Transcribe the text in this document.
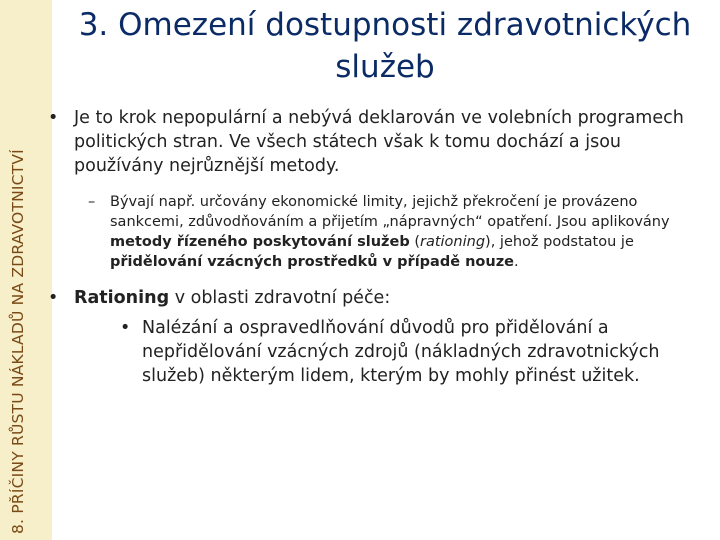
8. PŘÍČINY RŮSTU NÁKLADŮ NA ZDRAVOTNICTVÍ
3. Omezení dostupnosti zdravotnických služeb

• Je to krok nepopulární a nebývá deklarován ve volebních programech politických stran. Ve všech státech však k tomu dochází a jsou používány nejrůznější metody.

– Bývají např. určovány ekonomické limity, jejichž překročení je provázeno sankcemi, zdůvodňováním a přijetím „nápravných“ opatření. Jsou aplikovány metody řízeného poskytování služeb (rationing), jehož podstatou je přidělování vzácných prostředků v případě nouze.

• Rationing v oblasti zdravotní péče:

• Nalézání a ospravedlňování důvodů pro přidělování a nepřidělování vzácných zdrojů (nákladných zdravotnických služeb) některým lidem, kterým by mohly přinést užitek.
